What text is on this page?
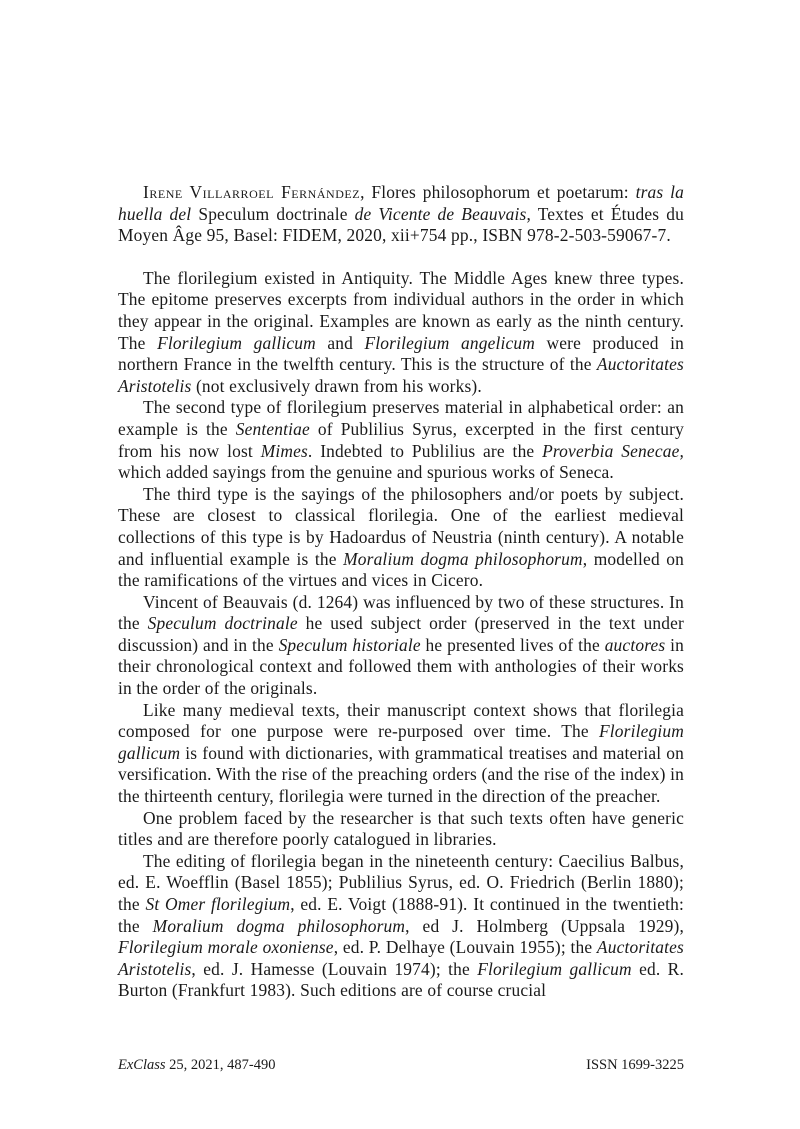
Irene Villarroel Fernández, Flores philosophorum et poetarum: tras la huella del Speculum doctrinale de Vicente de Beauvais, Textes et Études du Moyen Âge 95, Basel: FIDEM, 2020, xii+754 pp., ISBN 978-2-503-59067-7.

The florilegium existed in Antiquity. The Middle Ages knew three types. The epitome preserves excerpts from individual authors in the order in which they appear in the original. Examples are known as early as the ninth century. The Florilegium gallicum and Florilegium angelicum were produced in northern France in the twelfth century. This is the structure of the Auctoritates Aristotelis (not exclusively drawn from his works).

The second type of florilegium preserves material in alphabetical order: an example is the Sententiae of Publilius Syrus, excerpted in the first century from his now lost Mimes. Indebted to Publilius are the Proverbia Senecae, which added sayings from the genuine and spurious works of Seneca.

The third type is the sayings of the philosophers and/or poets by subject. These are closest to classical florilegia. One of the earliest medieval collections of this type is by Hadoardus of Neustria (ninth century). A notable and influential example is the Moralium dogma philosophorum, modelled on the ramifications of the virtues and vices in Cicero.

Vincent of Beauvais (d. 1264) was influenced by two of these structures. In the Speculum doctrinale he used subject order (preserved in the text under discussion) and in the Speculum historiale he presented lives of the auctores in their chronological context and followed them with anthologies of their works in the order of the originals.

Like many medieval texts, their manuscript context shows that florilegia composed for one purpose were re-purposed over time. The Florilegium gallicum is found with dictionaries, with grammatical treatises and material on versification. With the rise of the preaching orders (and the rise of the index) in the thirteenth century, florilegia were turned in the direction of the preacher.

One problem faced by the researcher is that such texts often have generic titles and are therefore poorly catalogued in libraries.

The editing of florilegia began in the nineteenth century: Caecilius Balbus, ed. E. Woefflin (Basel 1855); Publilius Syrus, ed. O. Friedrich (Berlin 1880); the St Omer florilegium, ed. E. Voigt (1888-91). It continued in the twentieth: the Moralium dogma philosophorum, ed J. Holmberg (Uppsala 1929), Florilegium morale oxoniense, ed. P. Delhaye (Louvain 1955); the Auctoritates Aristotelis, ed. J. Hamesse (Louvain 1974); the Florilegium gallicum ed. R. Burton (Frankfurt 1983). Such editions are of course crucial

ExClass 25, 2021, 487-490	ISSN 1699-3225
